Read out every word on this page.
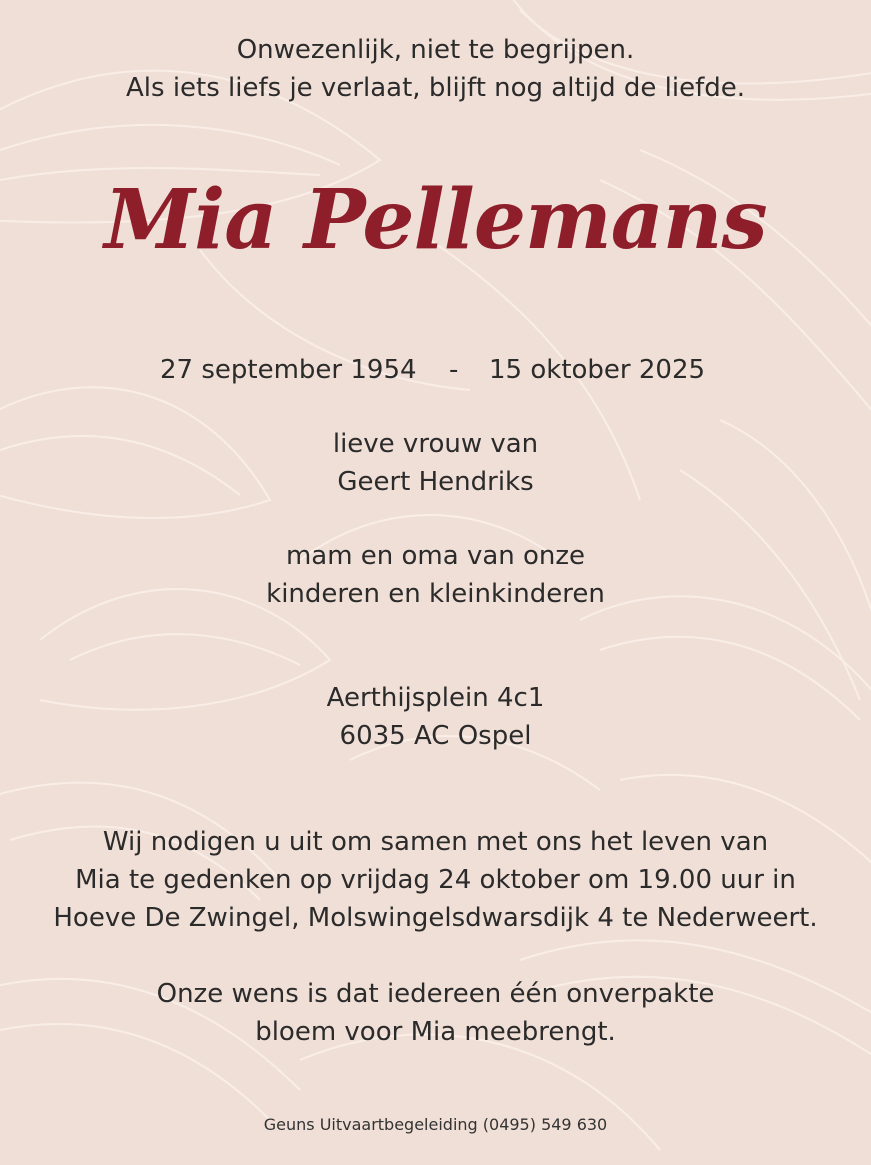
Onwezenlijk, niet te begrijpen.
Als iets liefs je verlaat, blijft nog altijd de liefde.
Mia Pellemans
27 september 1954 - 15 oktober 2025
lieve vrouw van
Geert Hendriks
mam en oma van onze
kinderen en kleinkinderen
Aerthijsplein 4c1
6035 AC Ospel
Wij nodigen u uit om samen met ons het leven van
Mia te gedenken op vrijdag 24 oktober om 19.00 uur in
Hoeve De Zwingel, Molswingelsdwarsdijk 4 te Nederweert.
Onze wens is dat iedereen één onverpakte
bloem voor Mia meebrengt.
Geuns Uitvaartbegeleiding (0495) 549 630
